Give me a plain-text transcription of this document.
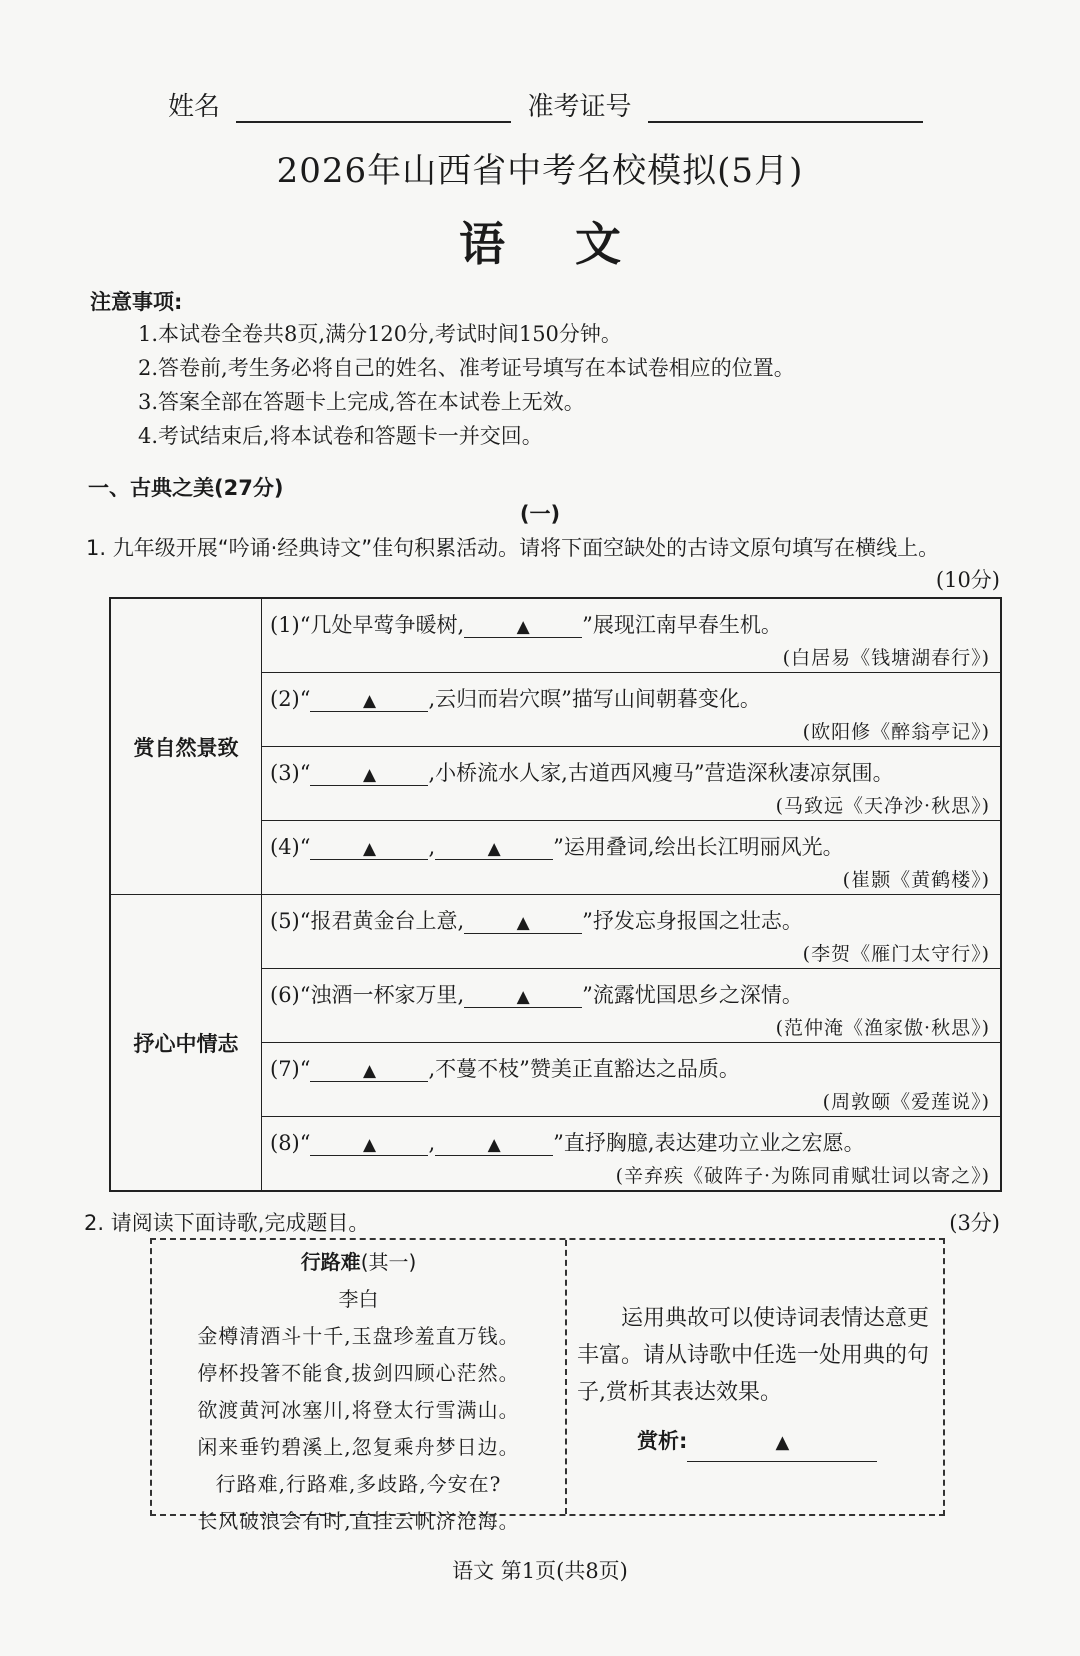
姓名	准考证号
2026年山西省中考名校模拟(5月)
语文
注意事项:
1.本试卷全卷共8页,满分120分,考试时间150分钟。
2.答卷前,考生务必将自己的姓名、准考证号填写在本试卷相应的位置。
3.答案全部在答题卡上完成,答在本试卷上无效。
4.考试结束后,将本试卷和答题卡一并交回。
一、古典之美(27分)
(一)
1. 九年级开展“吟诵·经典诗文”佳句积累活动。请将下面空缺处的古诗文原句填写在横线上。
(10分)
赏自然景致	(1)“几处早莺争暖树, ▲ ”展现江南早春生机。
(白居易《钱塘湖春行》)

	(2)“ ▲ ,云归而岩穴暝”描写山间朝暮变化。
(欧阳修《醉翁亭记》)

	(3)“ ▲ ,小桥流水人家,古道西风瘦马”营造深秋凄凉氛围。
(马致远《天净沙·秋思》)

	(4)“ ▲ , ▲ ”运用叠词,绘出长江明丽风光。
(崔颢《黄鹤楼》)

抒心中情志	(5)“报君黄金台上意, ▲ ”抒发忘身报国之壮志。
(李贺《雁门太守行》)

	(6)“浊酒一杯家万里, ▲ ”流露忧国思乡之深情。
(范仲淹《渔家傲·秋思》)

	(7)“ ▲ ,不蔓不枝”赞美正直豁达之品质。
(周敦颐《爱莲说》)

	(8)“ ▲ , ▲ ”直抒胸臆,表达建功立业之宏愿。
(辛弃疾《破阵子·为陈同甫赋壮词以寄之》)
2. 请阅读下面诗歌,完成题目。	(3分)
行路难(其一)
李白
金樽清酒斗十千,玉盘珍羞直万钱。
停杯投箸不能食,拔剑四顾心茫然。
欲渡黄河冰塞川,将登太行雪满山。
闲来垂钓碧溪上,忽复乘舟梦日边。
行路难,行路难,多歧路,今安在?
长风破浪会有时,直挂云帆济沧海。

运用典故可以使诗词表情达意更丰富。请从诗歌中任选一处用典的句子,赏析其表达效果。

赏析:	▲
语文 第1页(共8页)
